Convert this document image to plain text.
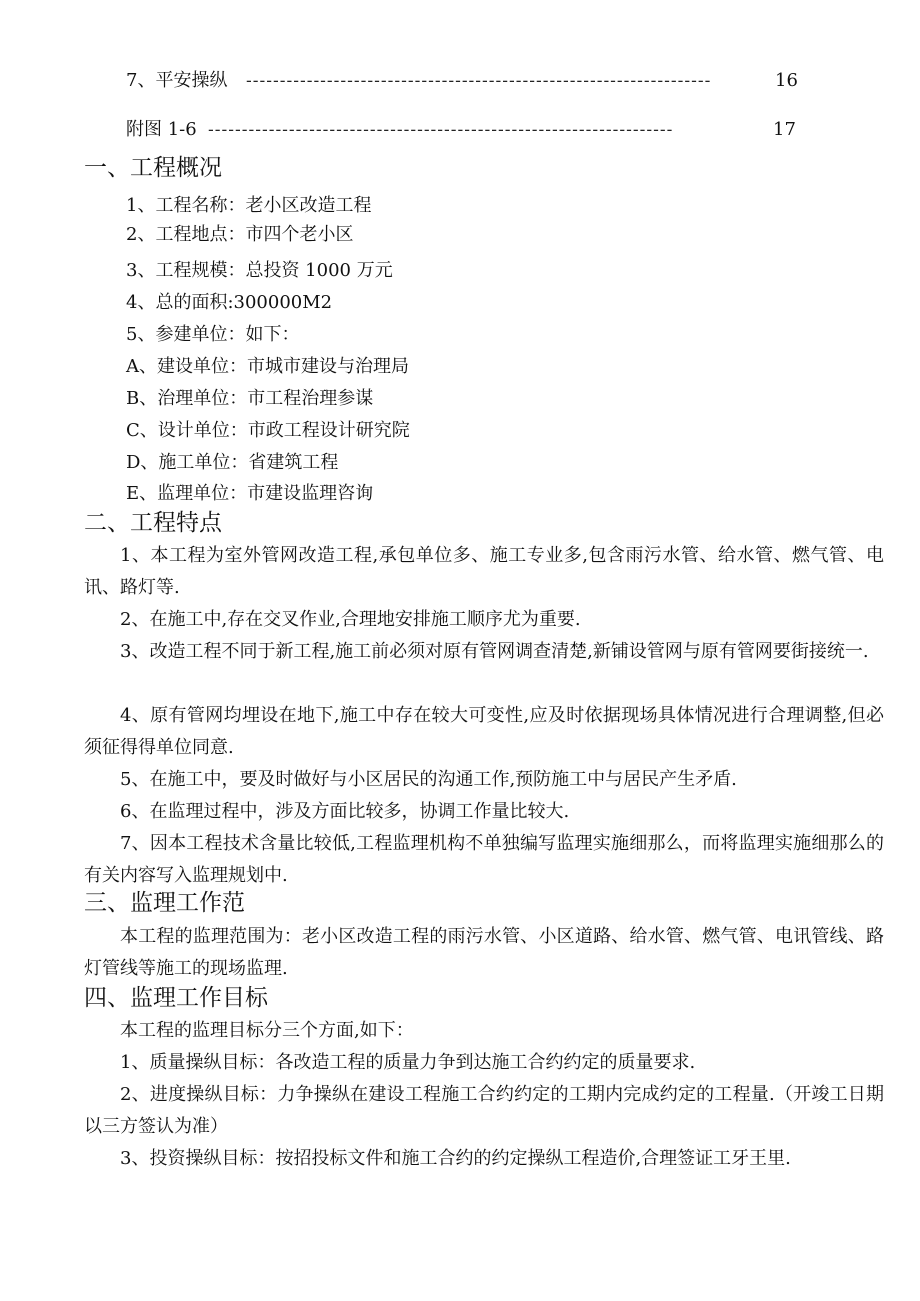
7、平安操纵 ---------------------------------------------------------------------	16
附图 1-6 ---------------------------------------------------------------------	17
一、工程概况
1、工程名称：老小区改造工程
2、工程地点：市四个老小区
3、工程规模：总投资 1000 万元
4、总的面积:300000M2
5、参建单位：如下：
A、建设单位：市城市建设与治理局
B、治理单位：市工程治理参谋
C、设计单位：市政工程设计研究院
D、施工单位：省建筑工程
E、监理单位：市建设监理咨询
二、工程特点
1、本工程为室外管网改造工程,承包单位多、施工专业多,包含雨污水管、给水管、燃气管、电讯、路灯等.
2、在施工中,存在交叉作业,合理地安排施工顺序尤为重要.
3、改造工程不同于新工程,施工前必须对原有管网调查清楚,新铺设管网与原有管网要街接统一.
4、原有管网均埋设在地下,施工中存在较大可变性,应及时依据现场具体情况进行合理调整,但必须征得得单位同意.
5、在施工中，要及时做好与小区居民的沟通工作,预防施工中与居民产生矛盾.
6、在监理过程中，涉及方面比较多，协调工作量比较大.
7、因本工程技术含量比较低,工程监理机构不单独编写监理实施细那么，而将监理实施细那么的有关内容写入监理规划中.
三、监理工作范
本工程的监理范围为：老小区改造工程的雨污水管、小区道路、给水管、燃气管、电讯管线、路灯管线等施工的现场监理.
四、监理工作目标
本工程的监理目标分三个方面,如下：
1、质量操纵目标：各改造工程的质量力争到达施工合约约定的质量要求.
2、进度操纵目标：力争操纵在建设工程施工合约约定的工期内完成约定的工程量.（开竣工日期以三方签认为准）
3、投资操纵目标：按招投标文件和施工合约的约定操纵工程造价,合理签证工牙王里.
